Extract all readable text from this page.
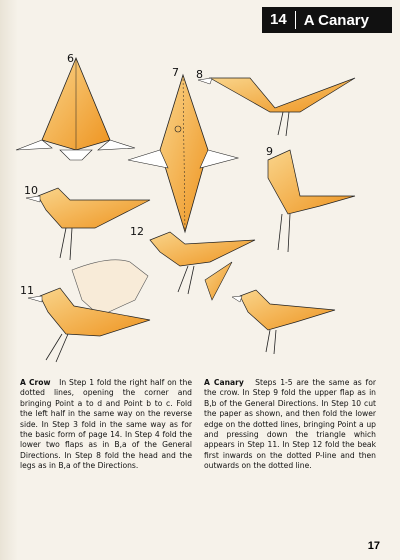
14	A Canary
6
7 8
9
10
11
12
A Crow In Step 1 fold the right half on the dotted lines, opening the corner and bringing Point a to d and Point b to c. Fold the left half in the same way on the reverse side. In Step 3 fold in the same way as for the basic form of page 14. In Step 4 fold the lower two flaps as in B,a of the General Directions. In Step 8 fold the head and the legs as in B,a of the Directions.
A Canary Steps 1-5 are the same as for the crow. In Step 9 fold the upper flap as in B,b of the General Directions. In Step 10 cut the paper as shown, and then fold the lower edge on the dotted lines, bringing Point a up and pressing down the triangle which appears in Step 11. In Step 12 fold the beak first inwards on the dotted P-line and then outwards on the dotted line.
17
